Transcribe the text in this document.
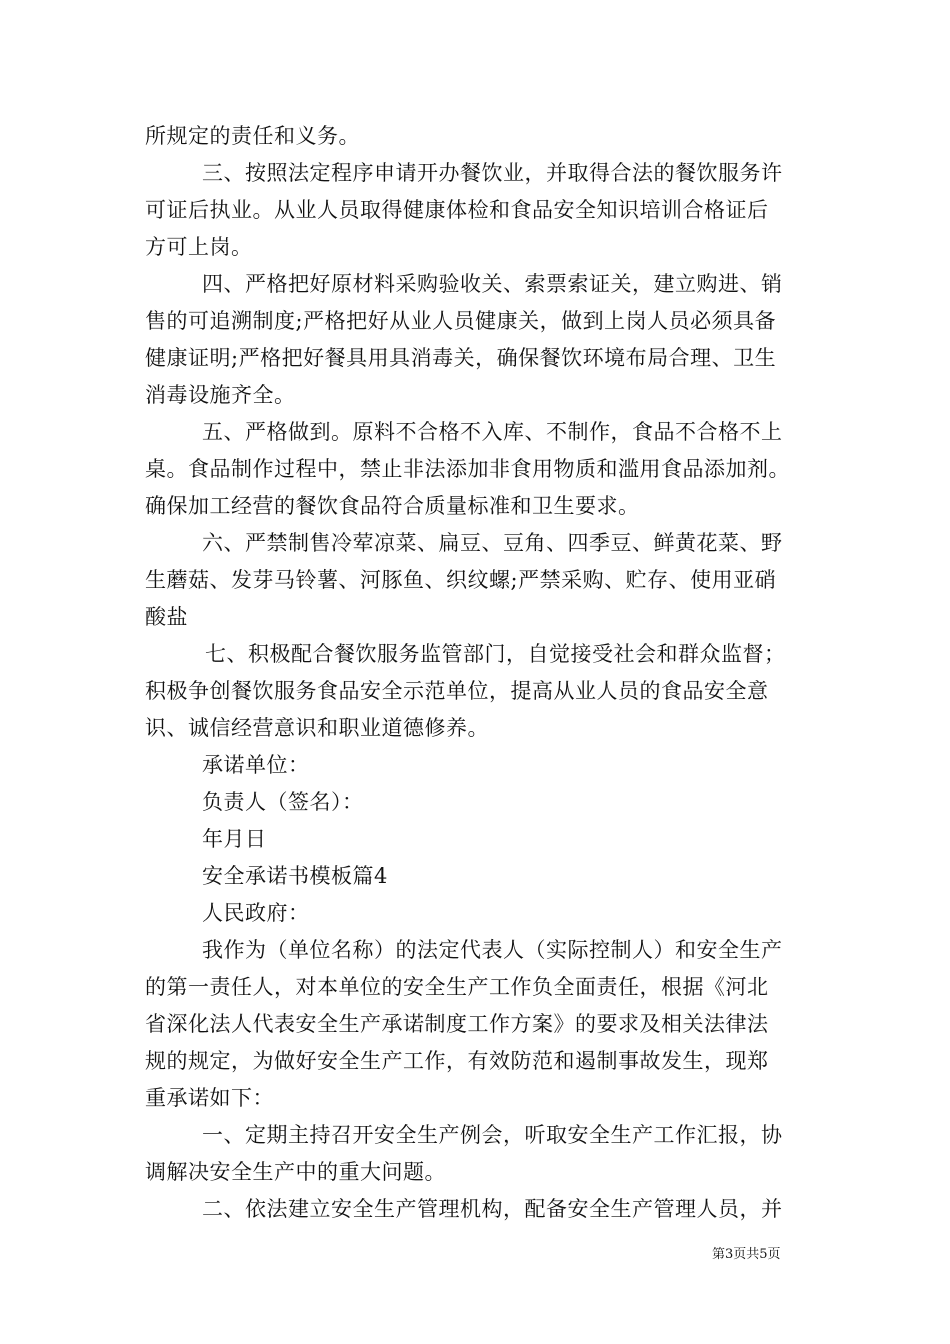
所规定的责任和义务。
三、按照法定程序申请开办餐饮业，并取得合法的餐饮服务许
可证后执业。从业人员取得健康体检和食品安全知识培训合格证后
方可上岗。
四、严格把好原材料采购验收关、索票索证关，建立购进、销
售的可追溯制度;严格把好从业人员健康关，做到上岗人员必须具备
健康证明;严格把好餐具用具消毒关，确保餐饮环境布局合理、卫生
消毒设施齐全。
五、严格做到。原料不合格不入库、不制作，食品不合格不上
桌。食品制作过程中，禁止非法添加非食用物质和滥用食品添加剂。
确保加工经营的餐饮食品符合质量标准和卫生要求。
六、严禁制售冷荤凉菜、扁豆、豆角、四季豆、鲜黄花菜、野
生蘑菇、发芽马铃薯、河豚鱼、织纹螺;严禁采购、贮存、使用亚硝
酸盐
七、积极配合餐饮服务监管部门，自觉接受社会和群众监督；
积极争创餐饮服务食品安全示范单位，提高从业人员的食品安全意
识、诚信经营意识和职业道德修养。
承诺单位：
负责人（签名）：
年月日
安全承诺书模板篇4
人民政府：
我作为（单位名称）的法定代表人（实际控制人）和安全生产
的第一责任人，对本单位的安全生产工作负全面责任，根据《河北
省深化法人代表安全生产承诺制度工作方案》的要求及相关法律法
规的规定，为做好安全生产工作，有效防范和遏制事故发生，现郑
重承诺如下：
一、定期主持召开安全生产例会，听取安全生产工作汇报，协
调解决安全生产中的重大问题。
二、依法建立安全生产管理机构，配备安全生产管理人员，并
第3页共5页
